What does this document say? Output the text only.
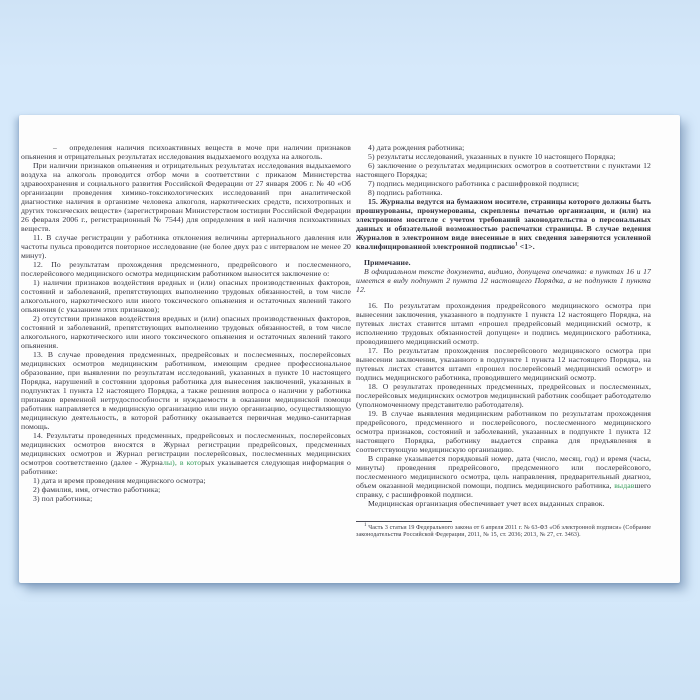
–  определения наличия психоактивных веществ в моче при наличии признаков опьянения и отрицательных результатах исследования выдыхаемого воздуха на алкоголь.

При наличии признаков опьянения и отрицательных результатах исследования выдыхаемого воздуха на алкоголь проводится отбор мочи в соответствии с приказом Министерства здравоохранения и социального развития Российской Федерации от 27 января 2006 г. № 40 «Об организации проведения химико-токсикологических исследований при аналитической диагностике наличия в организме человека алкоголя, наркотических средств, психотропных и других токсических веществ» (зарегистрирован Министерством юстиции Российской Федерации 26 февраля 2006 г., регистрационный № 7544) для определения в ней наличия психоактивных веществ.

11. В случае регистрации у работника отклонения величины артериального давления или частоты пульса проводится повторное исследование (не более двух раз с интервалом не менее 20 минут).

12. По результатам прохождения предсменного, предрейсового и послесменного, послерейсового медицинского осмотра медицинским работником выносится заключение о:

1) наличии признаков воздействия вредных и (или) опасных производственных факторов, состояний и заболеваний, препятствующих выполнению трудовых обязанностей, в том числе алкогольного, наркотического или иного токсического опьянения и остаточных явлений такого опьянения (с указанием этих признаков);

2) отсутствии признаков воздействия вредных и (или) опасных производственных факторов, состояний и заболеваний, препятствующих выполнению трудовых обязанностей, в том числе алкогольного, наркотического или иного токсического опьянения и остаточных явлений такого опьянения.

13. В случае проведения предсменных, предрейсовых и послесменных, послерейсовых медицинских осмотров медицинским работником, имеющим среднее профессиональное образование, при выявлении по результатам исследований, указанных в пункте 10 настоящего Порядка, нарушений в состоянии здоровья работника для вынесения заключений, указанных в подпунктах 1 пункта 12 настоящего Порядка, а также решения вопроса о наличии у работника признаков временной нетрудоспособности и нуждаемости в оказании медицинской помощи работник направляется в медицинскую организацию или иную организацию, осуществляющую медицинскую деятельность, в которой работнику оказывается первичная медико-санитарная помощь.

14. Результаты проведенных предсменных, предрейсовых и послесменных, послерейсовых медицинских осмотров вносятся в Журнал регистрации предрейсовых, предсменных медицинских осмотров и Журнал регистрации послерейсовых, послесменных медицинских осмотров соответственно (далее - Журналы), в которых указывается следующая информация о работнике:

1) дата и время проведения медицинского осмотра;

2) фамилия, имя, отчество работника;

3) пол работника;

4) дата рождения работника;

5) результаты исследований, указанных в пункте 10 настоящего Порядка;

6) заключение о результатах медицинских осмотров в соответствии с пунктами 12 настоящего Порядка;

7) подпись медицинского работника с расшифровкой подписи;

8) подпись работника.

15. Журналы ведутся на бумажном носителе, страницы которого должны быть прошнурованы, пронумерованы, скреплены печатью организации, и (или) на электронном носителе с учетом требований законодательства о персональных данных и обязательной возможностью распечатки страницы. В случае ведения Журналов в электронном виде внесенные в них сведения заверяются усиленной квалифицированной электронной подписью$^1$ <1>.

Примечание.

В официальном тексте документа, видимо, допущена опечатка: в пунктах 16 и 17 имеется в виду подпункт 2 пункта 12 настоящего Порядка, а не подпункт 1 пункта 12.

16. По результатам прохождения предрейсового медицинского осмотра при вынесении заключения, указанного в подпункте 1 пункта 12 настоящего Порядка, на путевых листах ставится штамп «прошел предрейсовый медицинский осмотр, к исполнению трудовых обязанностей допущен» и подпись медицинского работника, проводившего медицинский осмотр.

17. По результатам прохождения послерейсового медицинского осмотра при вынесении заключения, указанного в подпункте 1 пункта 12 настоящего Порядка, на путевых листах ставится штамп «прошел послерейсовый медицинский осмотр» и подпись медицинского работника, проводившего медицинский осмотр.

18. О результатах проведенных предсменных, предрейсовых и послесменных, послерейсовых медицинских осмотров медицинский работник сообщает работодателю (уполномоченному представителю работодателя).

19. В случае выявления медицинским работником по результатам прохождения предрейсового, предсменного и послерейсового, послесменного медицинского осмотра признаков, состояний и заболеваний, указанных в подпункте 1 пункта 12 настоящего Порядка, работнику выдается справка для предъявления в соответствующую медицинскую организацию.

В справке указывается порядковый номер, дата (число, месяц, год) и время (часы, минуты) проведения предрейсового, предсменного или послерейсового, послесменного медицинского осмотра, цель направления, предварительный диагноз, объем оказанной медицинской помощи, подпись медицинского работника, выдавшего справку, с расшифровкой подписи.

Медицинская организация обеспечивает учет всех выданных справок.

$^1$ Часть 3 статьи 19 Федерального закона от 6 апреля 2011 г. № 63-ФЗ «Об электронной подписи» (Собрание законодательства Российской Федерации, 2011, № 15, ст. 2036; 2013, № 27, ст. 3463).
